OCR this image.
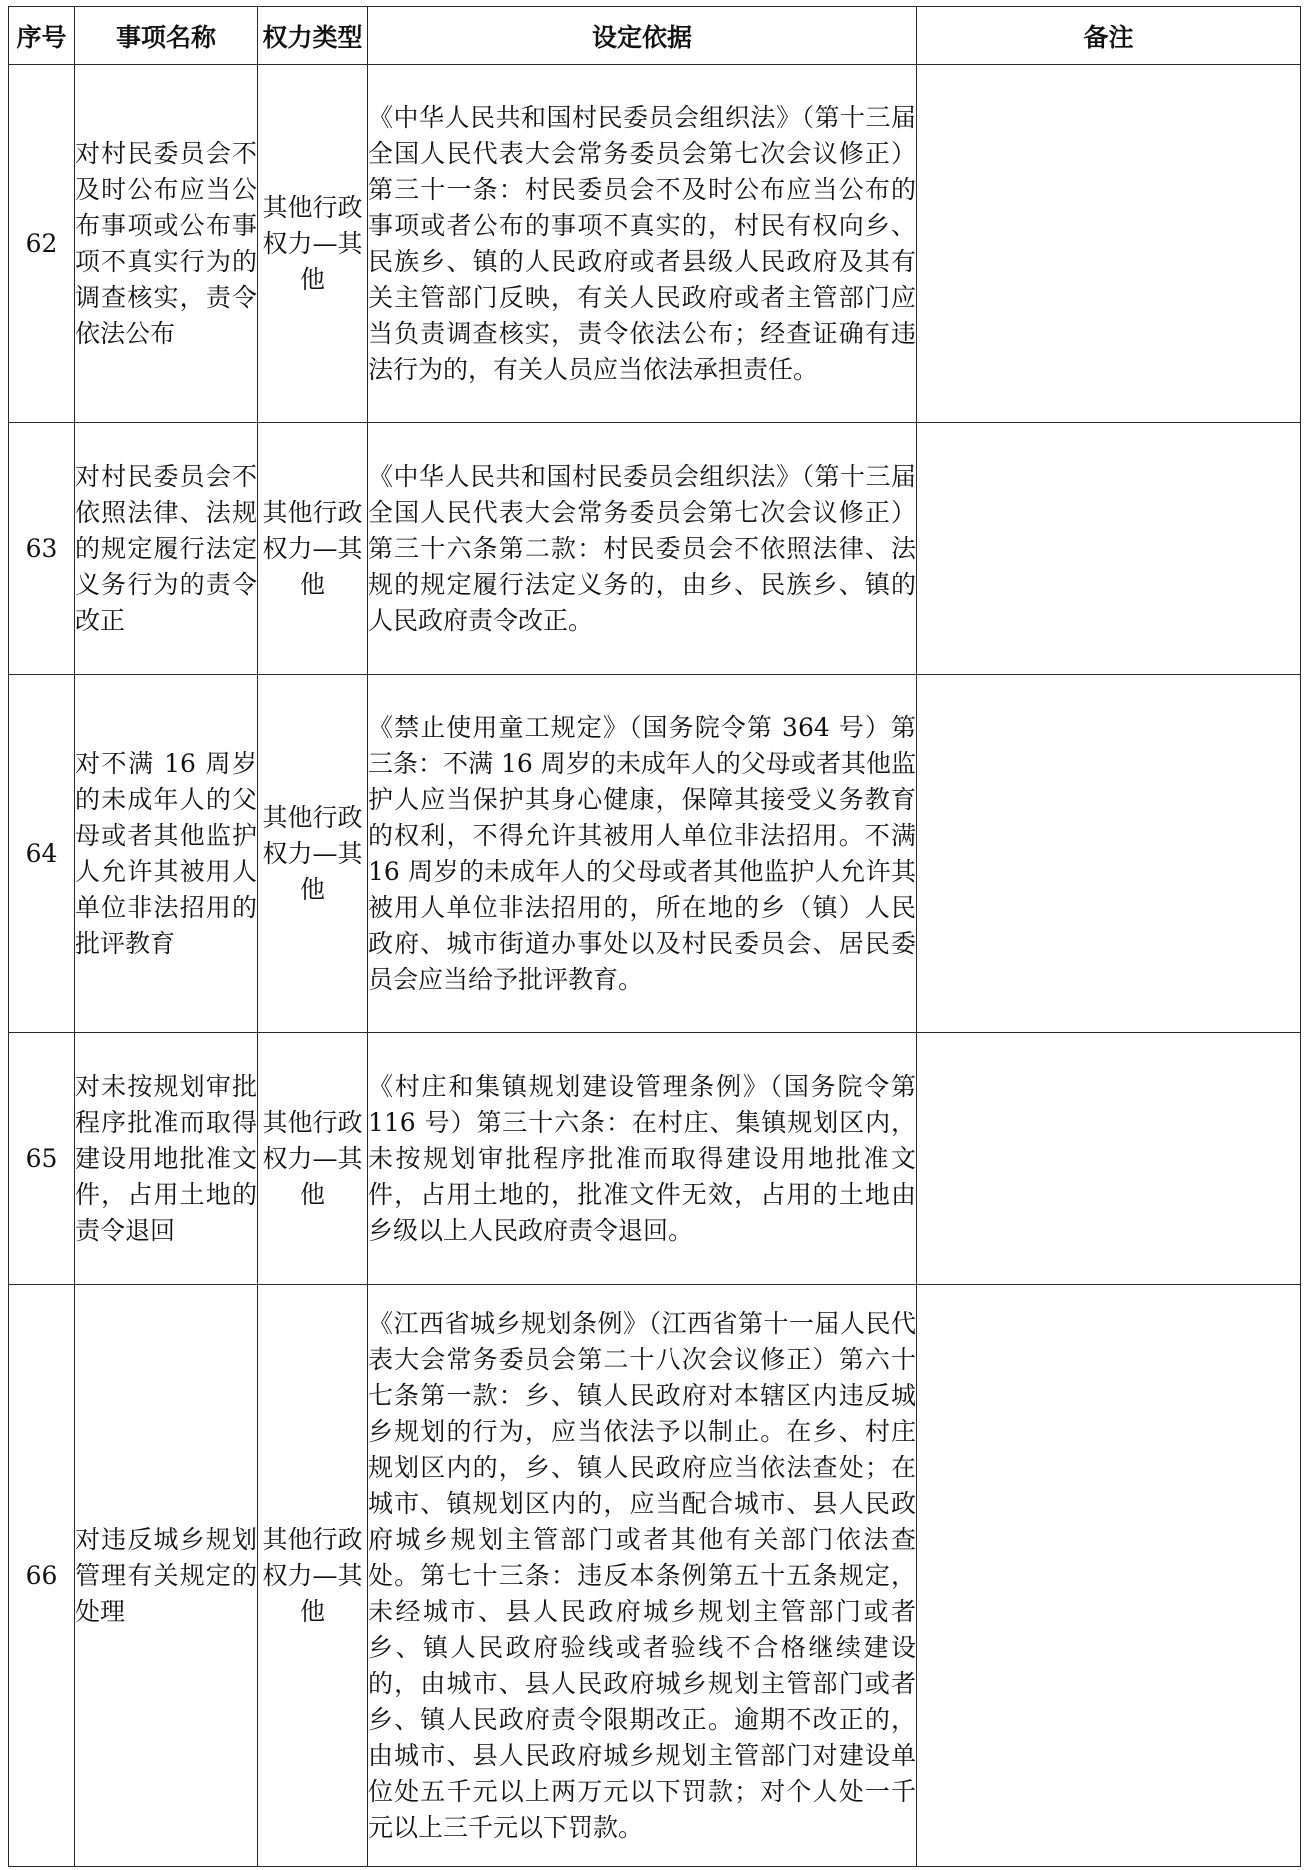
序号	事项名称	权力类型	设定依据	备注
62	对村民委员会不及时公布应当公布事项或公布事项不真实行为的调查核实，责令依法公布	其他行政权力—其他	《中华人民共和国村民委员会组织法》（第十三届全国人民代表大会常务委员会第七次会议修正）第三十一条：村民委员会不及时公布应当公布的事项或者公布的事项不真实的，村民有权向乡、民族乡、镇的人民政府或者县级人民政府及其有关主管部门反映，有关人民政府或者主管部门应当负责调查核实，责令依法公布；经查证确有违法行为的，有关人员应当依法承担责任。	
63	对村民委员会不依照法律、法规的规定履行法定义务行为的责令改正	其他行政权力—其他	《中华人民共和国村民委员会组织法》（第十三届全国人民代表大会常务委员会第七次会议修正）第三十六条第二款：村民委员会不依照法律、法规的规定履行法定义务的，由乡、民族乡、镇的人民政府责令改正。	
64	对不满 16 周岁的未成年人的父母或者其他监护人允许其被用人单位非法招用的批评教育	其他行政权力—其他	《禁止使用童工规定》（国务院令第 364 号）第三条：不满 16 周岁的未成年人的父母或者其他监护人应当保护其身心健康，保障其接受义务教育的权利，不得允许其被用人单位非法招用。不满 16 周岁的未成年人的父母或者其他监护人允许其被用人单位非法招用的，所在地的乡（镇）人民政府、城市街道办事处以及村民委员会、居民委员会应当给予批评教育。	
65	对未按规划审批程序批准而取得建设用地批准文件，占用土地的责令退回	其他行政权力—其他	《村庄和集镇规划建设管理条例》（国务院令第 116 号）第三十六条：在村庄、集镇规划区内，未按规划审批程序批准而取得建设用地批准文件，占用土地的，批准文件无效，占用的土地由乡级以上人民政府责令退回。	
66	对违反城乡规划管理有关规定的处理	其他行政权力—其他	《江西省城乡规划条例》（江西省第十一届人民代表大会常务委员会第二十八次会议修正）第六十七条第一款：乡、镇人民政府对本辖区内违反城乡规划的行为，应当依法予以制止。在乡、村庄规划区内的，乡、镇人民政府应当依法查处；在城市、镇规划区内的，应当配合城市、县人民政府城乡规划主管部门或者其他有关部门依法查处。第七十三条：违反本条例第五十五条规定，未经城市、县人民政府城乡规划主管部门或者乡、镇人民政府验线或者验线不合格继续建设的，由城市、县人民政府城乡规划主管部门或者乡、镇人民政府责令限期改正。逾期不改正的，由城市、县人民政府城乡规划主管部门对建设单位处五千元以上两万元以下罚款；对个人处一千元以上三千元以下罚款。	
